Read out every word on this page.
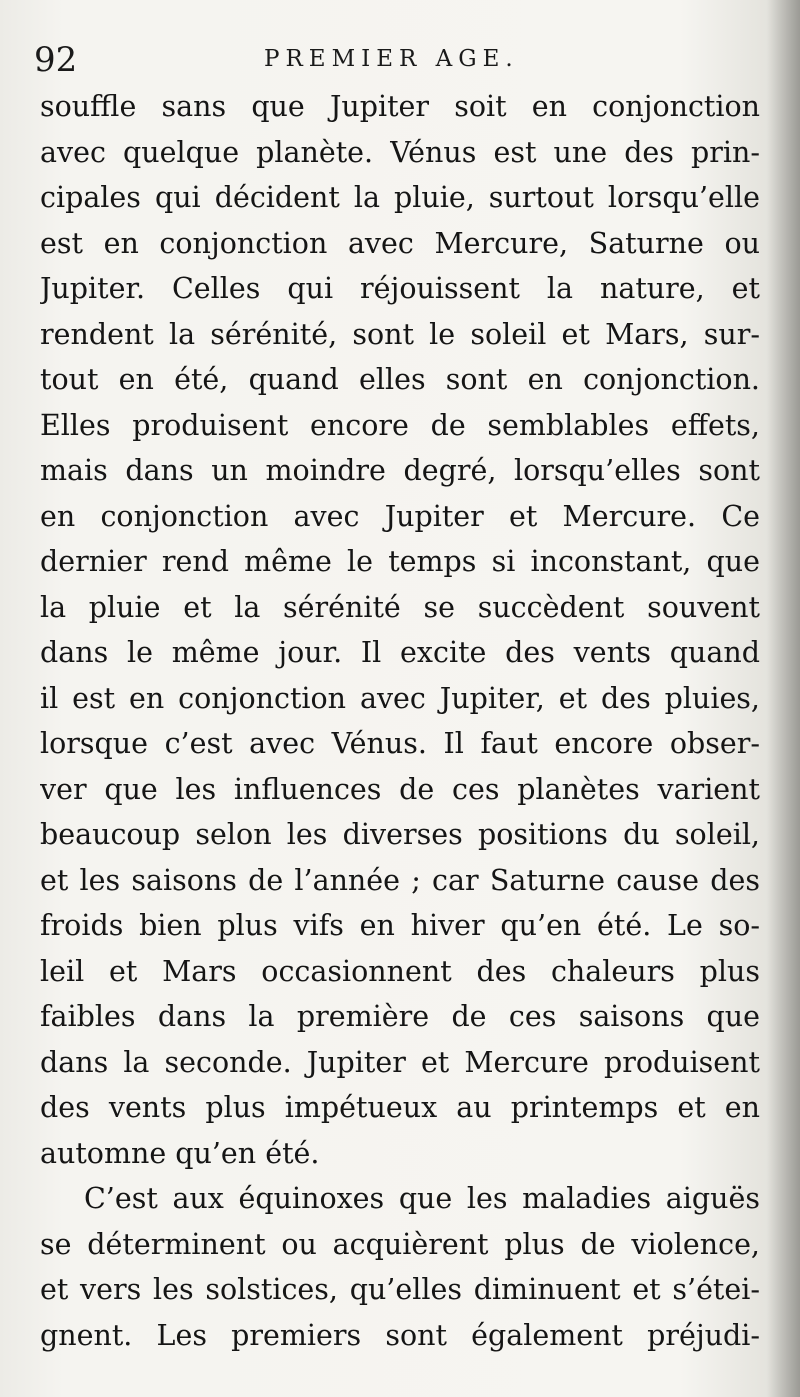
92	PREMIER AGE.
souffle sans que Jupiter soit en conjonction
avec quelque planète. Vénus est une des prin-
cipales qui décident la pluie, surtout lorsqu’elle
est en conjonction avec Mercure, Saturne ou
Jupiter. Celles qui réjouissent la nature, et
rendent la sérénité, sont le soleil et Mars, sur-
tout en été, quand elles sont en conjonction.
Elles produisent encore de semblables effets,
mais dans un moindre degré, lorsqu’elles sont
en conjonction avec Jupiter et Mercure. Ce
dernier rend même le temps si inconstant, que
la pluie et la sérénité se succèdent souvent
dans le même jour. Il excite des vents quand
il est en conjonction avec Jupiter, et des pluies,
lorsque c’est avec Vénus. Il faut encore obser-
ver que les influences de ces planètes varient
beaucoup selon les diverses positions du soleil,
et les saisons de l’année ; car Saturne cause des
froids bien plus vifs en hiver qu’en été. Le so-
leil et Mars occasionnent des chaleurs plus
faibles dans la première de ces saisons que
dans la seconde. Jupiter et Mercure produisent
des vents plus impétueux au printemps et en
automne qu’en été.
C’est aux équinoxes que les maladies aiguës
se déterminent ou acquièrent plus de violence,
et vers les solstices, qu’elles diminuent et s’étei-
gnent. Les premiers sont également préjudi-
